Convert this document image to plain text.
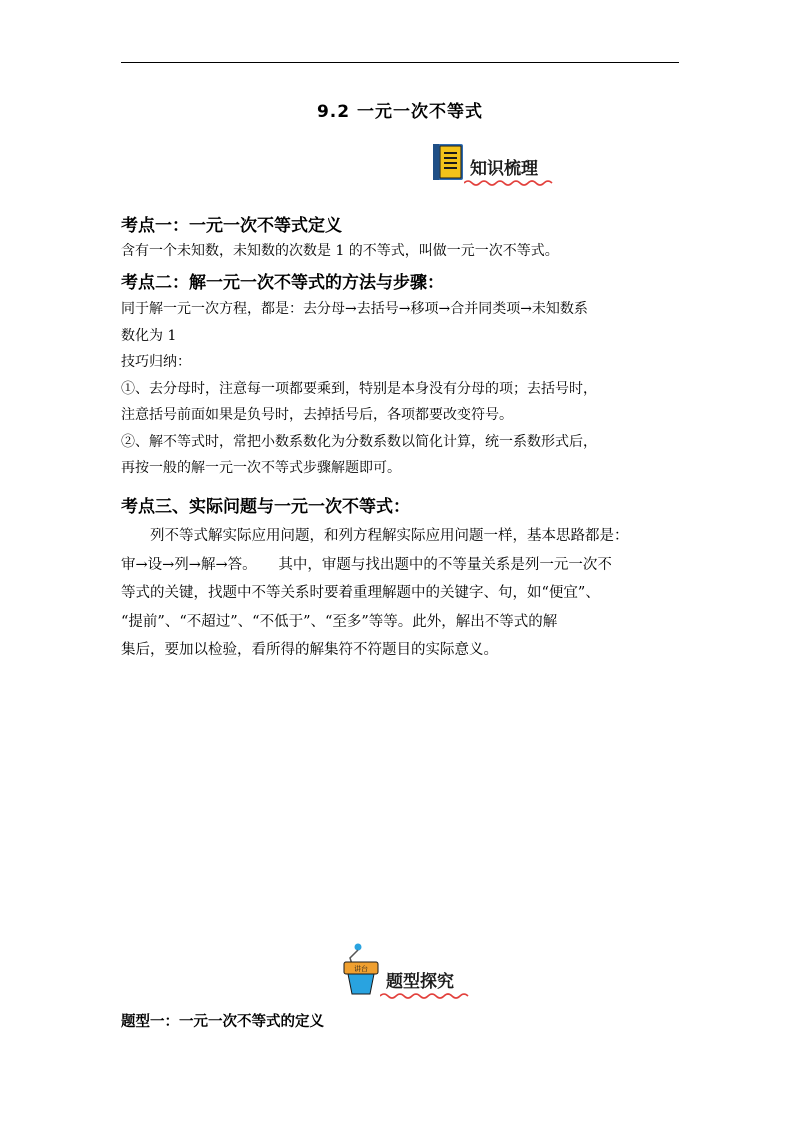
9.2 一元一次不等式
知识梳理
考点一：一元一次不等式定义
含有一个未知数，未知数的次数是 1 的不等式，叫做一元一次不等式。
考点二：解一元一次不等式的方法与步骤：
同于解一元一次方程，都是：去分母→去括号→移项→合并同类项→未知数系
数化为 1
技巧归纳：
①、去分母时，注意每一项都要乘到，特别是本身没有分母的项；去括号时，
注意括号前面如果是负号时，去掉括号后，各项都要改变符号。
②、解不等式时，常把小数系数化为分数系数以简化计算，统一系数形式后，
再按一般的解一元一次不等式步骤解题即可。
考点三、实际问题与一元一次不等式：
列不等式解实际应用问题，和列方程解实际应用问题一样，基本思路都是：
审→设→列→解→答。　　其中，审题与找出题中的不等量关系是列一元一次不
等式的关键，找题中不等关系时要着重理解题中的关键字、句，如“便宜”、
“提前”、“不超过”、“不低于”、“至多”等等。此外，解出不等式的解
集后，要加以检验，看所得的解集符不符题目的实际意义。
讲台
题型探究
题型一：一元一次不等式的定义
